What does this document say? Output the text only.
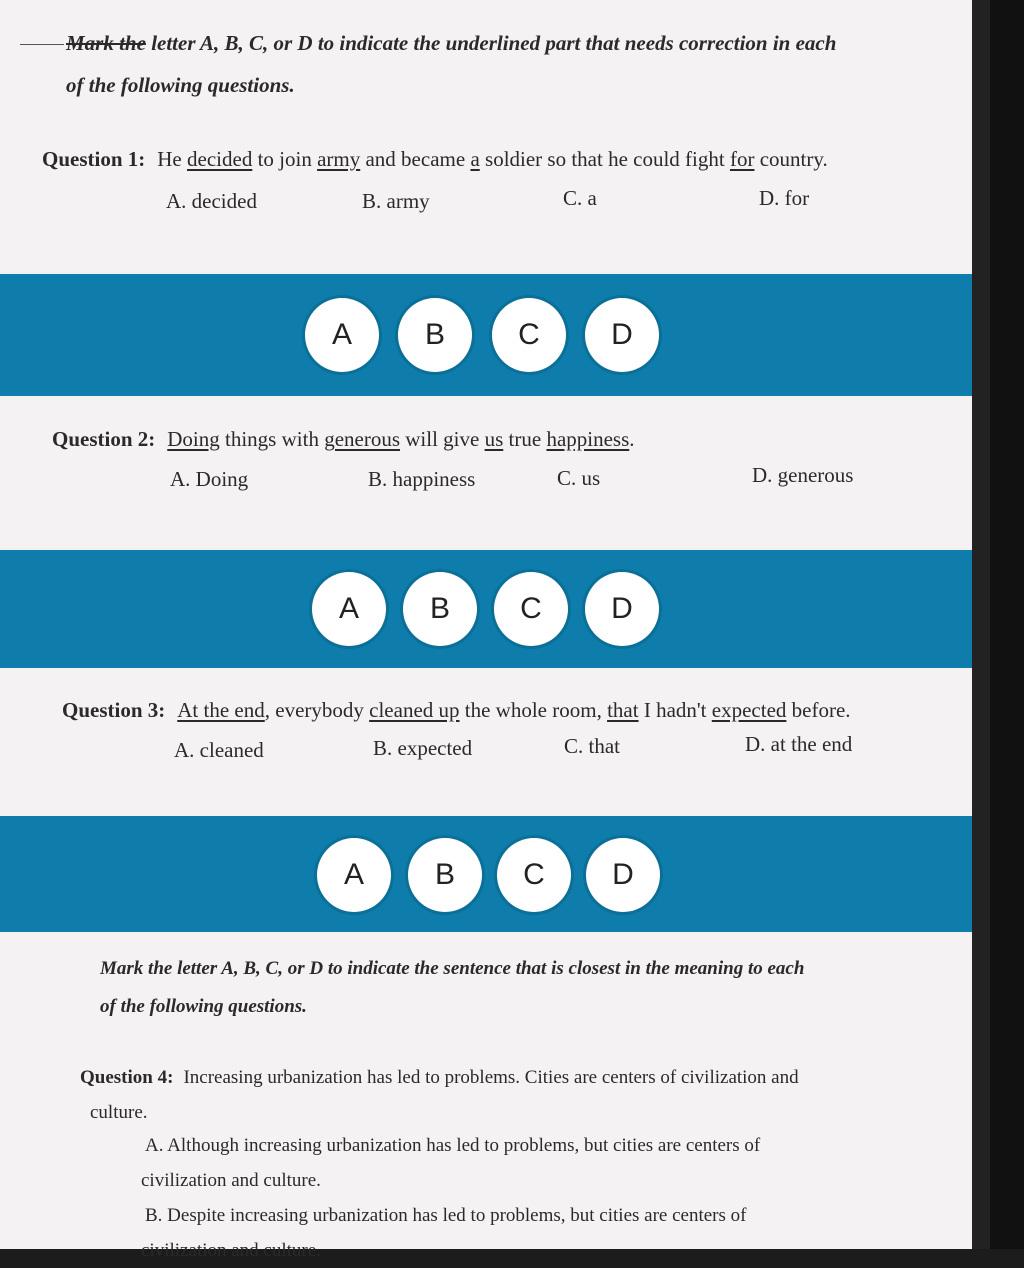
Mark the letter A, B, C, or D to indicate the underlined part that needs correction in each
of the following questions.
Question 1: He decided to join army and became a soldier so that he could fight for country.
A. decided	B. army	C. a	D. for
A	B	C	D
Question 2: Doing things with generous will give us true happiness.
A. Doing	B. happiness	C. us	D. generous
A	B	C	D
Question 3: At the end, everybody cleaned up the whole room, that I hadn't expected before.
A. cleaned	B. expected	C. that	D. at the end
A	B	C	D
Mark the letter A, B, C, or D to indicate the sentence that is closest in the meaning to each
of the following questions.
Question 4: Increasing urbanization has led to problems. Cities are centers of civilization and
culture.
A. Although increasing urbanization has led to problems, but cities are centers of
civilization and culture.
B. Despite increasing urbanization has led to problems, but cities are centers of
civilization and culture.
